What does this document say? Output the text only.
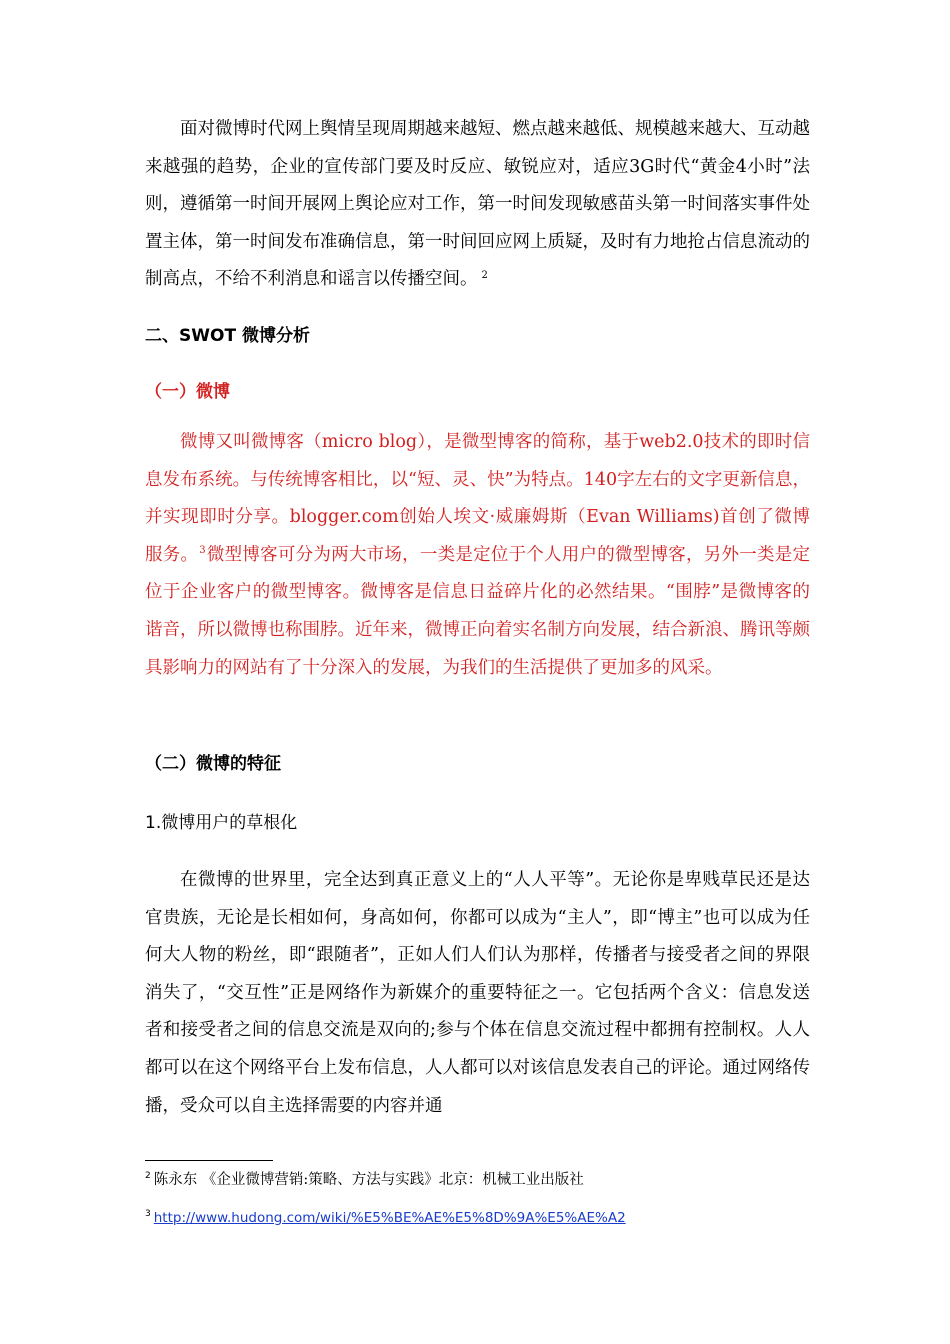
面对微博时代网上舆情呈现周期越来越短、燃点越来越低、规模越来越大、互动越来越强的趋势，企业的宣传部门要及时反应、敏锐应对，适应3G时代“黄金4小时”法则，遵循第一时间开展网上舆论应对工作，第一时间发现敏感苗头第一时间落实事件处置主体，第一时间发布准确信息，第一时间回应网上质疑，及时有力地抢占信息流动的制高点，不给不利消息和谣言以传播空间。 $^2$

二、SWOT 微博分析

（一）微博

微博又叫微博客（micro blog），是微型博客的简称，基于web2.0技术的即时信息发布系统。与传统博客相比，以“短、灵、快”为特点。140字左右的文字更新信息，并实现即时分享。blogger.com创始人埃文·威廉姆斯（Evan Williams)首创了微博服务。$^3$微型博客可分为两大市场，一类是定位于个人用户的微型博客，另外一类是定位于企业客户的微型博客。微博客是信息日益碎片化的必然结果。“围脖”是微博客的谐音，所以微博也称围脖。近年来，微博正向着实名制方向发展，结合新浪、腾讯等颇具影响力的网站有了十分深入的发展，为我们的生活提供了更加多的风采。

（二）微博的特征

1.微博用户的草根化

在微博的世界里，完全达到真正意义上的“人人平等”。无论你是卑贱草民还是达官贵族，无论是长相如何，身高如何，你都可以成为“主人”，即“博主”也可以成为任何大人物的粉丝，即“跟随者”，正如人们人们认为那样，传播者与接受者之间的界限消失了，“交互性”正是网络作为新媒介的重要特征之一。它包括两个含义：信息发送者和接受者之间的信息交流是双向的;参与个体在信息交流过程中都拥有控制权。人人都可以在这个网络平台上发布信息，人人都可以对该信息发表自己的评论。通过网络传播，受众可以自主选择需要的内容并通

$^2$ 陈永东 《企业微博营销:策略、方法与实践》北京：机械工业出版社

$^3$ http://www.hudong.com/wiki/%E5%BE%AE%E5%8D%9A%E5%AE%A2
